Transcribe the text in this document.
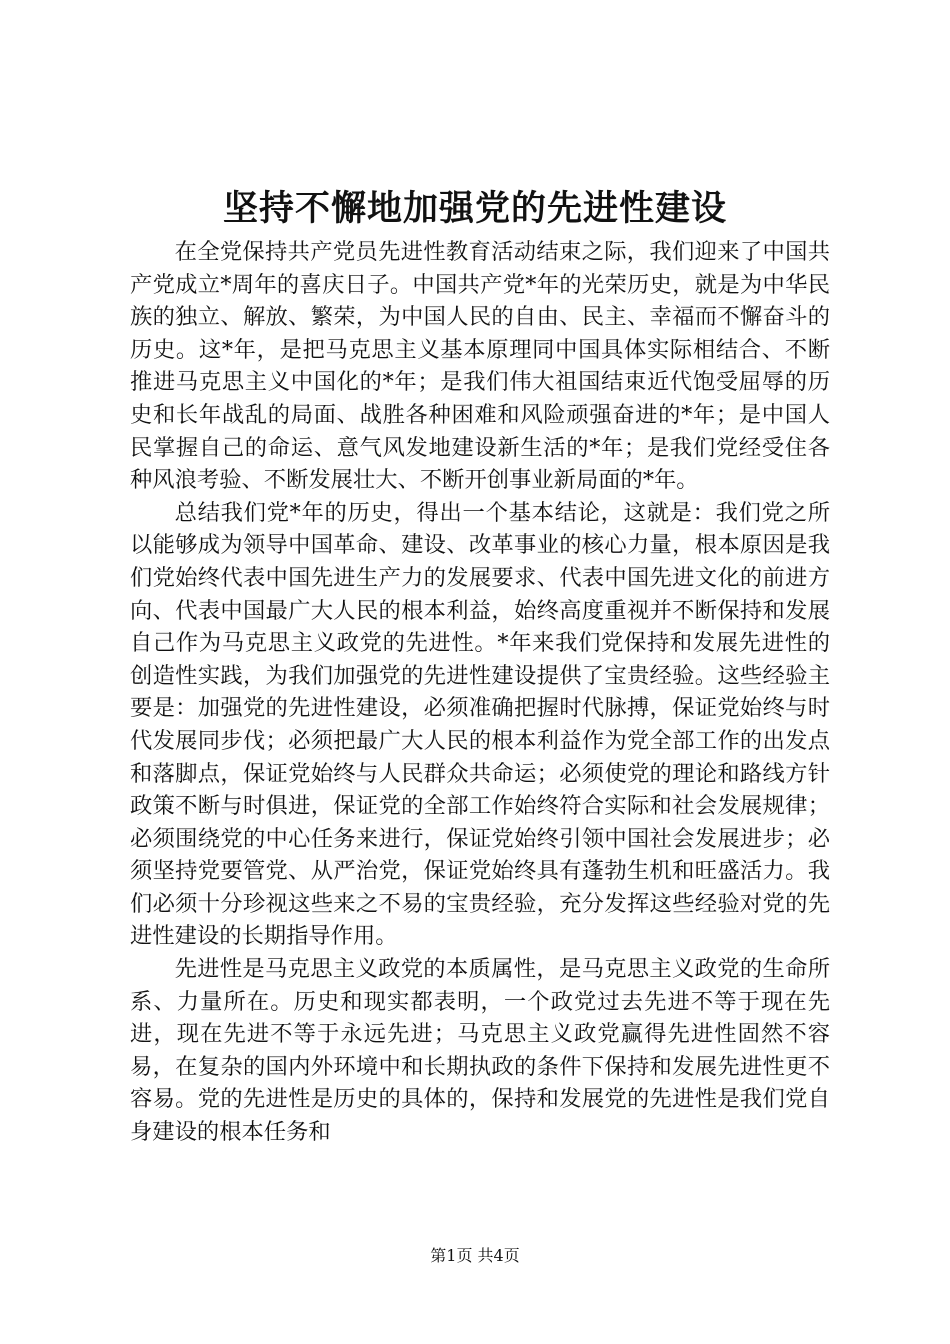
坚持不懈地加强党的先进性建设

在全党保持共产党员先进性教育活动结束之际，我们迎来了中国共产党成立*周年的喜庆日子。中国共产党*年的光荣历史，就是为中华民族的独立、解放、繁荣，为中国人民的自由、民主、幸福而不懈奋斗的历史。这*年，是把马克思主义基本原理同中国具体实际相结合、不断推进马克思主义中国化的*年；是我们伟大祖国结束近代饱受屈辱的历史和长年战乱的局面、战胜各种困难和风险顽强奋进的*年；是中国人民掌握自己的命运、意气风发地建设新生活的*年；是我们党经受住各种风浪考验、不断发展壮大、不断开创事业新局面的*年。

总结我们党*年的历史，得出一个基本结论，这就是：我们党之所以能够成为领导中国革命、建设、改革事业的核心力量，根本原因是我们党始终代表中国先进生产力的发展要求、代表中国先进文化的前进方向、代表中国最广大人民的根本利益，始终高度重视并不断保持和发展自己作为马克思主义政党的先进性。*年来我们党保持和发展先进性的创造性实践，为我们加强党的先进性建设提供了宝贵经验。这些经验主要是：加强党的先进性建设，必须准确把握时代脉搏，保证党始终与时代发展同步伐；必须把最广大人民的根本利益作为党全部工作的出发点和落脚点，保证党始终与人民群众共命运；必须使党的理论和路线方针政策不断与时俱进，保证党的全部工作始终符合实际和社会发展规律；必须围绕党的中心任务来进行，保证党始终引领中国社会发展进步；必须坚持党要管党、从严治党，保证党始终具有蓬勃生机和旺盛活力。我们必须十分珍视这些来之不易的宝贵经验，充分发挥这些经验对党的先进性建设的长期指导作用。

先进性是马克思主义政党的本质属性，是马克思主义政党的生命所系、力量所在。历史和现实都表明，一个政党过去先进不等于现在先进，现在先进不等于永远先进；马克思主义政党赢得先进性固然不容易，在复杂的国内外环境中和长期执政的条件下保持和发展先进性更不容易。党的先进性是历史的具体的，保持和发展党的先进性是我们党自身建设的根本任务和

第1页 共4页
